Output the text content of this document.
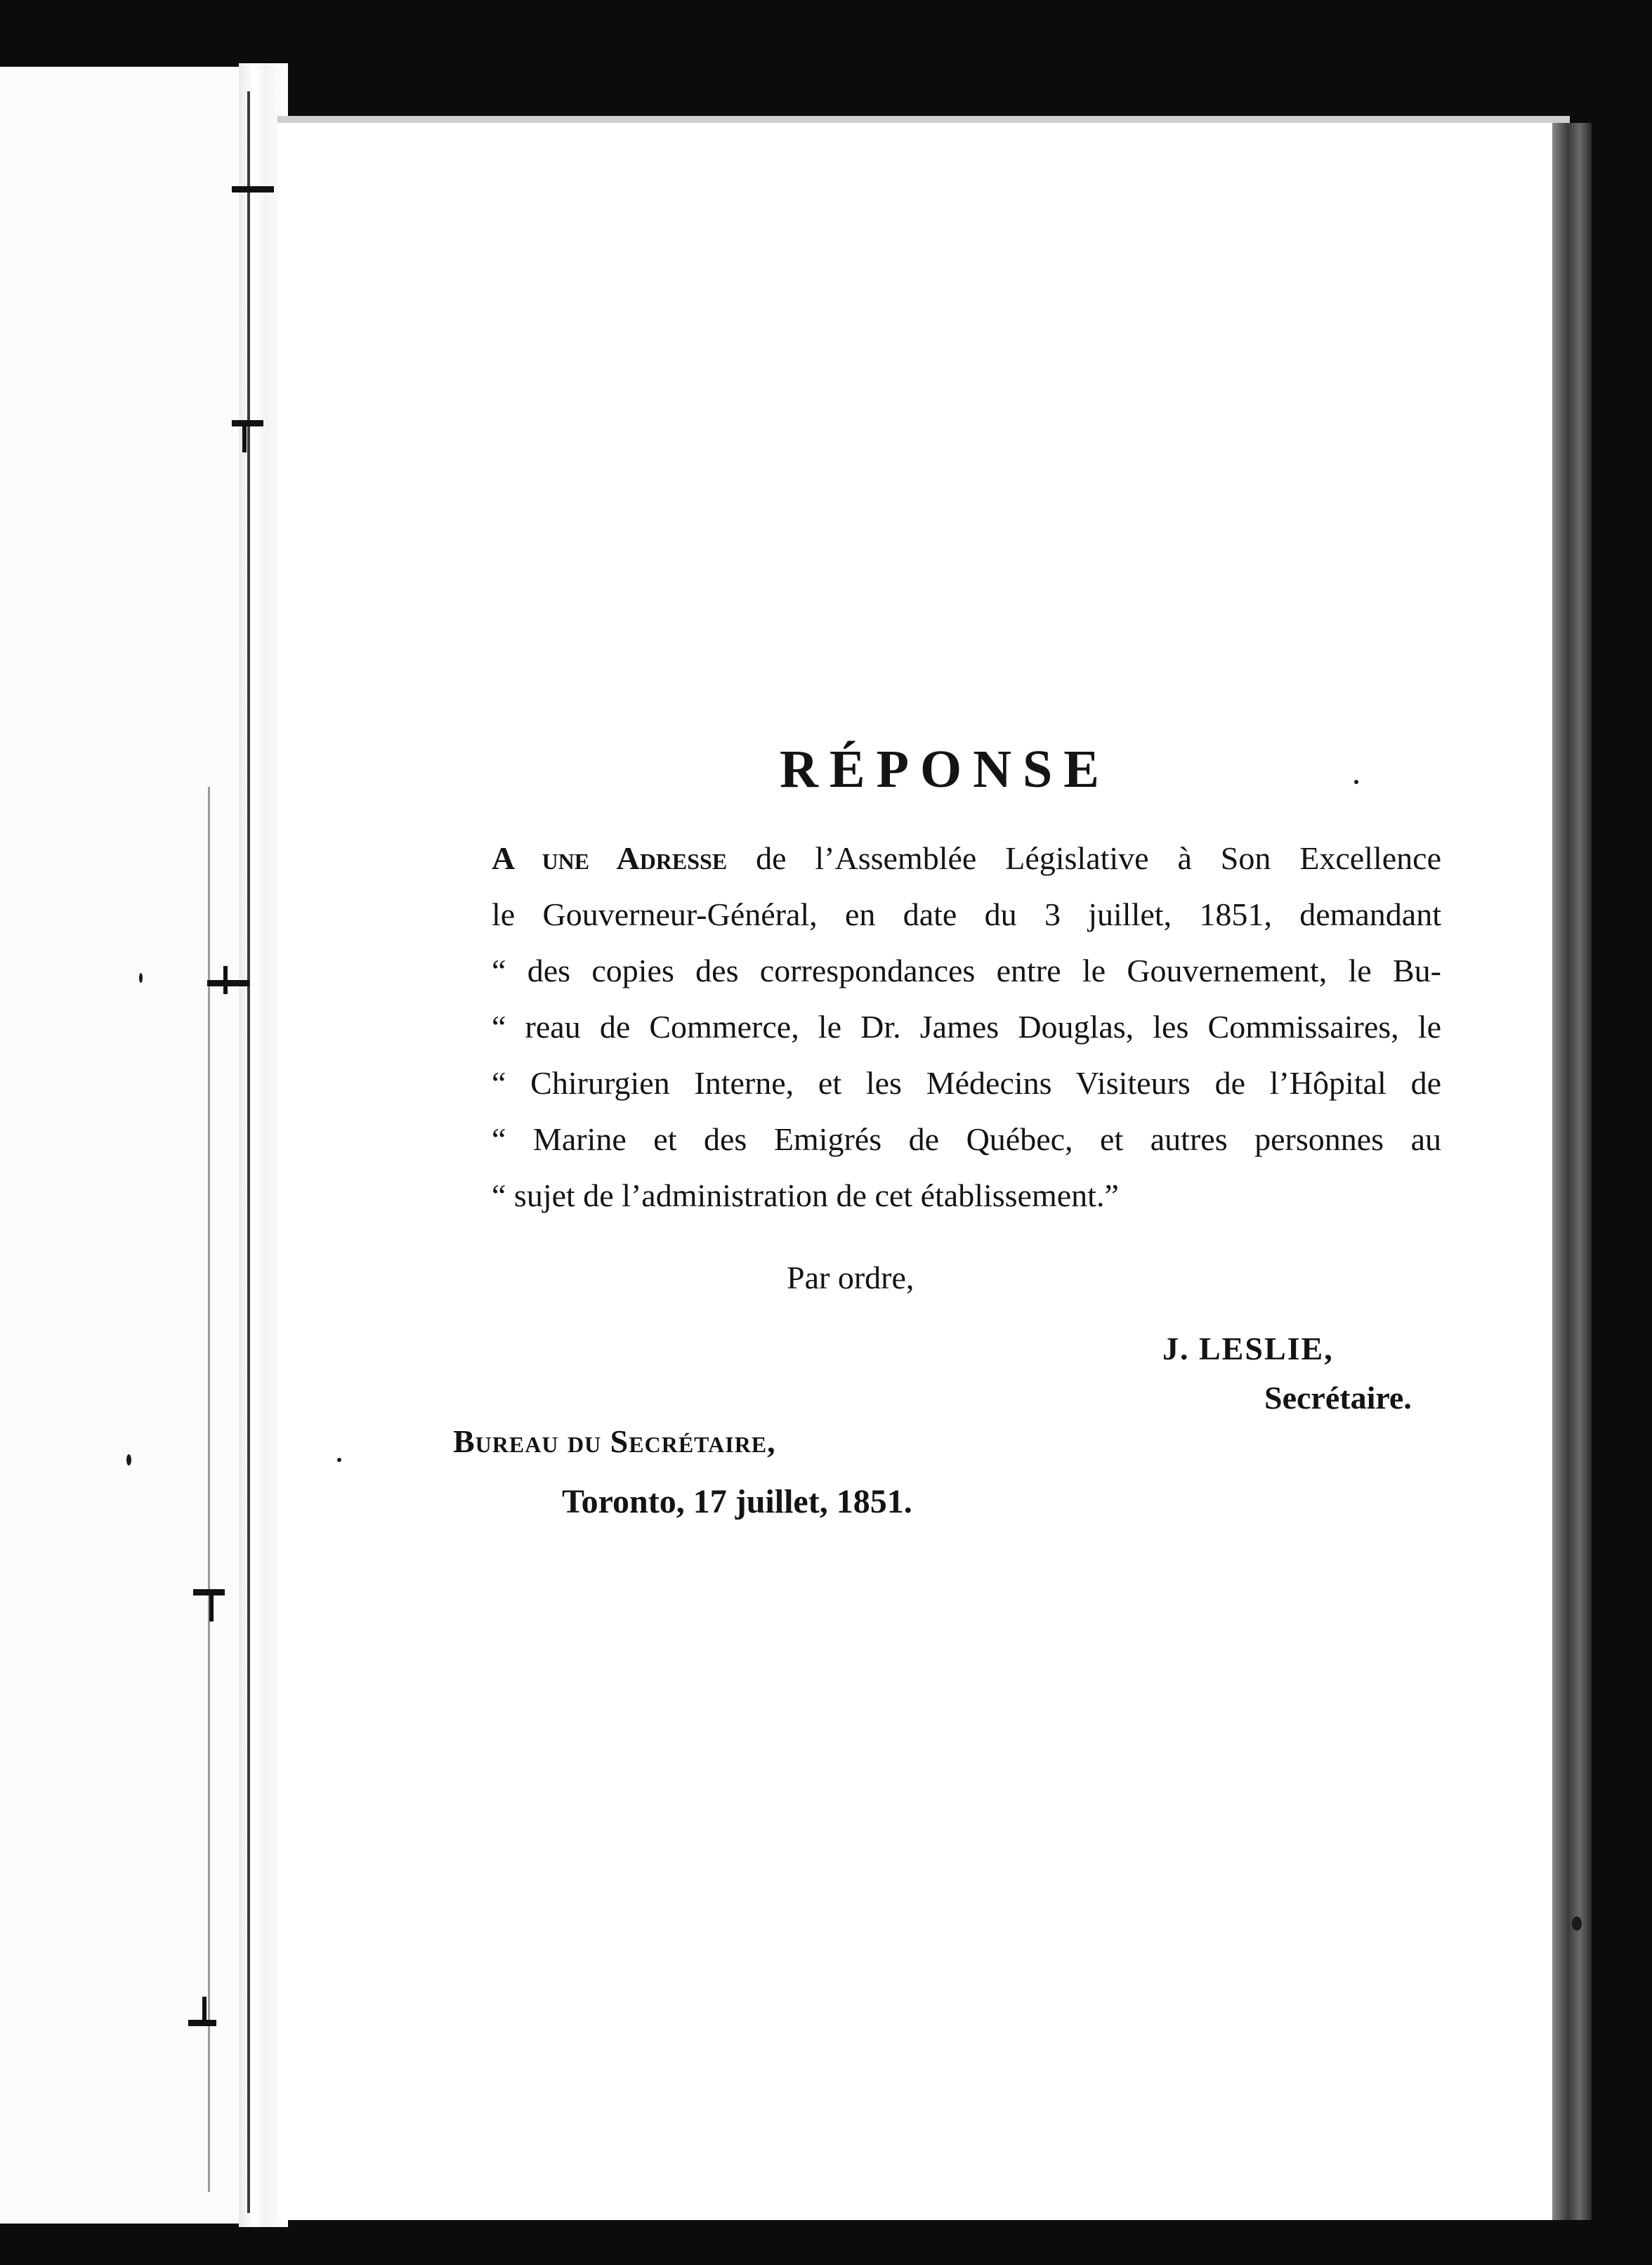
RÉPONSE
A une Adresse de l’Assemblée Législative à Son Excellence
le Gouverneur-Général, en date du 3 juillet, 1851, demandant
“ des copies des correspondances entre le Gouvernement, le Bu-
“ reau de Commerce, le Dr. James Douglas, les Commissaires, le
“ Chirurgien Interne, et les Médecins Visiteurs de l’Hôpital de
“ Marine et des Emigrés de Québec, et autres personnes au
“ sujet de l’administration de cet établissement.”
Par ordre,
J. LESLIE,
Secrétaire.
Bureau du Secrétaire,
Toronto, 17 juillet, 1851.
